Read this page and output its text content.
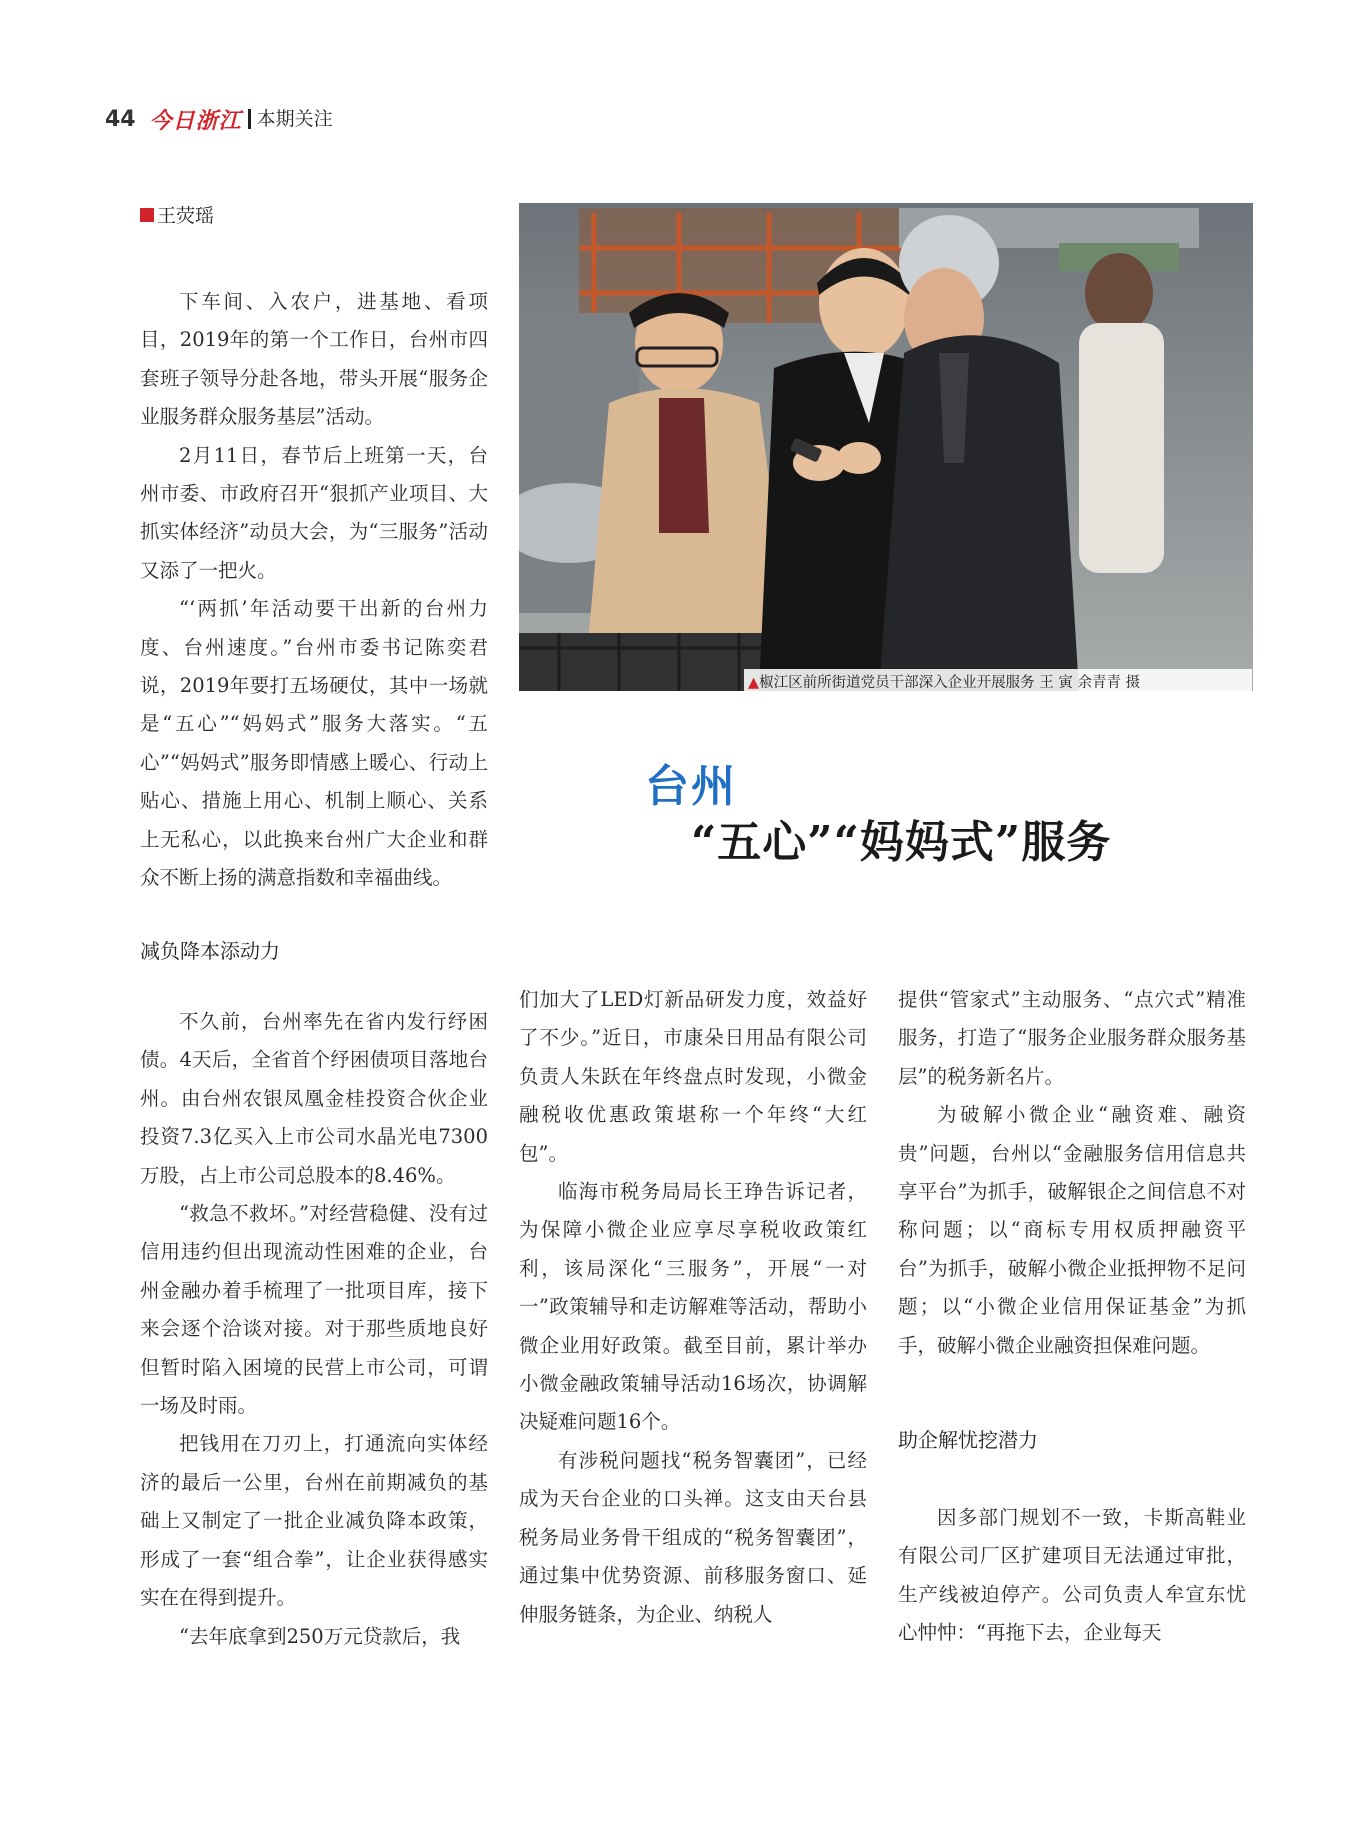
44 今日浙江 本期关注
王荧瑶

下车间、入农户，进基地、看项目，2019年的第一个工作日，台州市四套班子领导分赴各地，带头开展“服务企业服务群众服务基层”活动。

2月11日，春节后上班第一天，台州市委、市政府召开“狠抓产业项目、大抓实体经济”动员大会，为“三服务”活动又添了一把火。

“‘两抓’年活动要干出新的台州力度、台州速度。”台州市委书记陈奕君说，2019年要打五场硬仗，其中一场就是“五心”“妈妈式”服务大落实。“五心”“妈妈式”服务即情感上暖心、行动上贴心、措施上用心、机制上顺心、关系上无私心，以此换来台州广大企业和群众不断上扬的满意指数和幸福曲线。

减负降本添动力

不久前，台州率先在省内发行纾困债。4天后，全省首个纾困债项目落地台州。由台州农银凤凰金桂投资合伙企业投资7.3亿买入上市公司水晶光电7300万股，占上市公司总股本的8.46%。

“救急不救坏。”对经营稳健、没有过信用违约但出现流动性困难的企业，台州金融办着手梳理了一批项目库，接下来会逐个洽谈对接。对于那些质地良好但暂时陷入困境的民营上市公司，可谓一场及时雨。

把钱用在刀刃上，打通流向实体经济的最后一公里，台州在前期减负的基础上又制定了一批企业减负降本政策，形成了一套“组合拳”，让企业获得感实实在在得到提升。

“去年底拿到250万元贷款后，我

▲椒江区前所街道党员干部深入企业开展服务 王 寅 余青青 摄
台州
“五心”“妈妈式”服务

们加大了LED灯新品研发力度，效益好了不少。”近日，市康朵日用品有限公司负责人朱跃在年终盘点时发现，小微金融税收优惠政策堪称一个年终“大红包”。

临海市税务局局长王琤告诉记者，为保障小微企业应享尽享税收政策红利，该局深化“三服务”，开展“一对一”政策辅导和走访解难等活动，帮助小微企业用好政策。截至目前，累计举办小微金融政策辅导活动16场次，协调解决疑难问题16个。

有涉税问题找“税务智囊团”，已经成为天台企业的口头禅。这支由天台县税务局业务骨干组成的“税务智囊团”，通过集中优势资源、前移服务窗口、延伸服务链条，为企业、纳税人

提供“管家式”主动服务、“点穴式”精准服务，打造了“服务企业服务群众服务基层”的税务新名片。

为破解小微企业“融资难、融资贵”问题，台州以“金融服务信用信息共享平台”为抓手，破解银企之间信息不对称问题；以“商标专用权质押融资平台”为抓手，破解小微企业抵押物不足问题；以“小微企业信用保证基金”为抓手，破解小微企业融资担保难问题。

助企解忧挖潜力

因多部门规划不一致，卡斯高鞋业有限公司厂区扩建项目无法通过审批，生产线被迫停产。公司负责人牟宣东忧心忡忡：“再拖下去，企业每天
